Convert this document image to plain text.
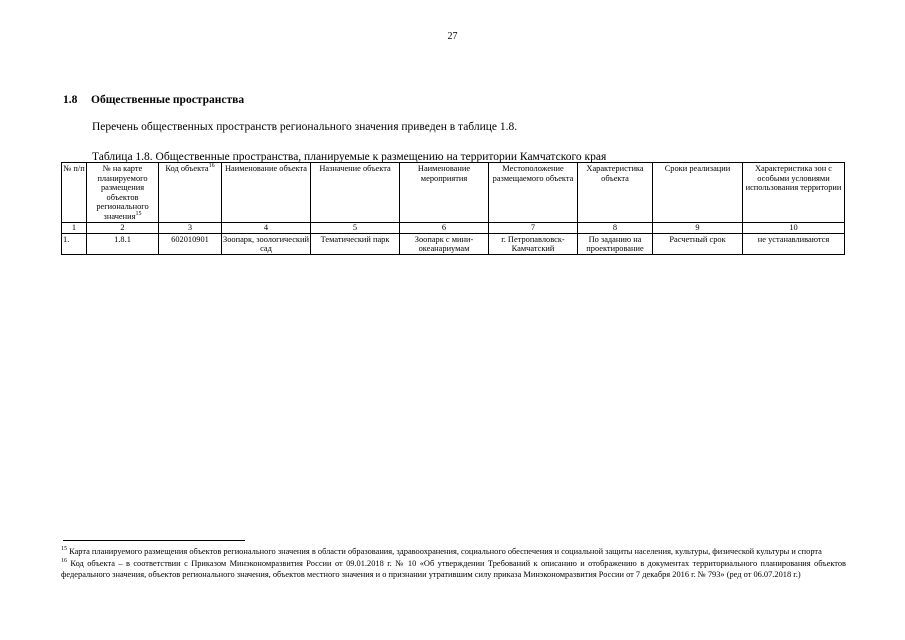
27
1.8 Общественные пространства
Перечень общественных пространств регионального значения приведен в таблице 1.8.
Таблица 1.8. Общественные пространства, планируемые к размещению на территории Камчатского края
№ п/п	№ на карте планируемого размещения объектов регионального значения$^{15}$	Код объекта$^{16}$	Наименование объекта	Назначение объекта	Наименование мероприятия	Местоположение размещаемого объекта	Характеристика объекта	Сроки реализации	Характеристика зон с особыми условиями использования территории
1	2	3	4	5	6	7	8	9	10
1.	1.8.1	602010901	Зоопарк, зоологический сад	Тематический парк	Зоопарк с мини-океанариумам	г. Петропавловск-Камчатский	По заданию на проектирование	Расчетный срок	не устанавливаются

$^{15}$ Карта планируемого размещения объектов регионального значения в области образования, здравоохранения, социального обеспечения и социальной защиты населения, культуры, физической культуры и спорта

$^{16}$ Код объекта – в соответствии с Приказом Минэкономразвития России от 09.01.2018 г. № 10 «Об утверждении Требований к описанию и отображению в документах территориального планирования объектов федерального значения, объектов регионального значения, объектов местного значения и о признании утратившим силу приказа Минэкономразвития России от 7 декабря 2016 г. № 793» (ред от 06.07.2018 г.)
